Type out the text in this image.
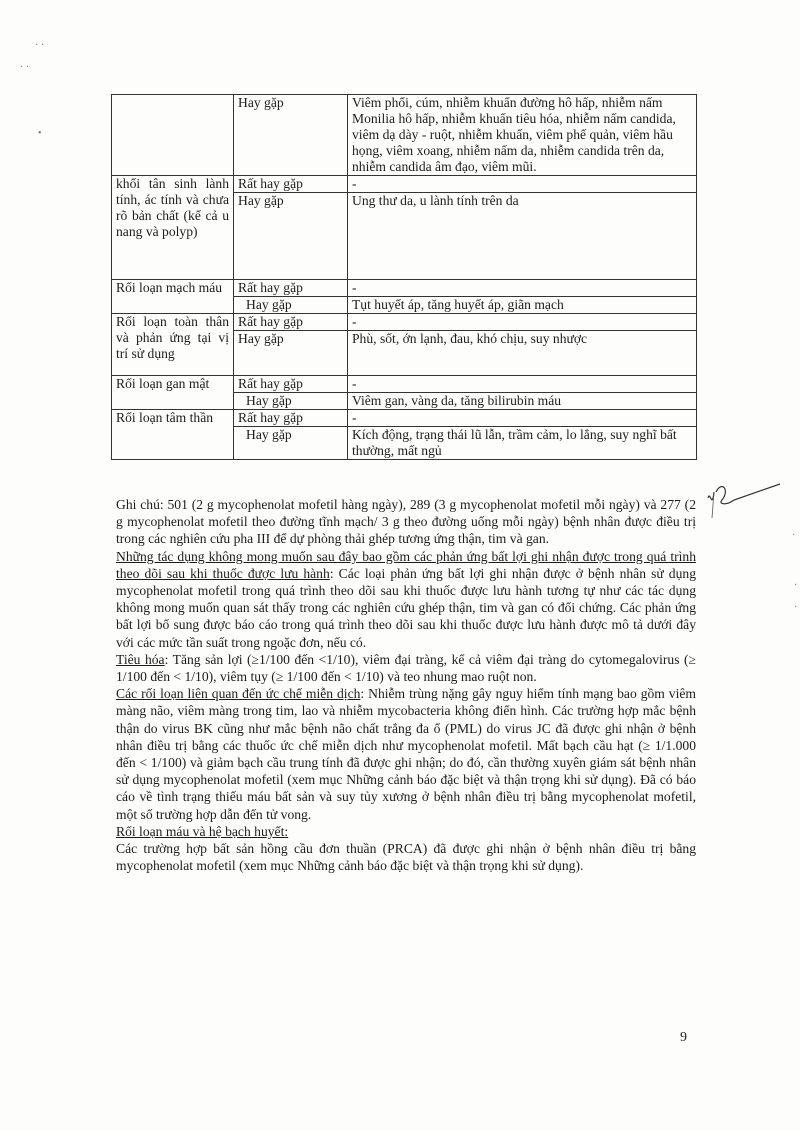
· ·
· ·
•
·
·
·
	Hay gặp	Viêm phổi, cúm, nhiễm khuẩn đường hô hấp, nhiễm nấm Monilia hô hấp, nhiễm khuẩn tiêu hóa, nhiễm nấm candida, viêm dạ dày - ruột, nhiễm khuẩn, viêm phế quản, viêm hầu họng, viêm xoang, nhiễm nấm da, nhiễm candida trên da, nhiễm candida âm đạo, viêm mũi.
khối tân sinh lành tính, ác tính và chưa rõ bản chất (kể cả u nang và polyp)	Rất hay gặp	-
	Hay gặp	Ung thư da, u lành tính trên da
Rối loạn mạch máu	Rất hay gặp	-
	Hay gặp	Tụt huyết áp, tăng huyết áp, giãn mạch
Rối loạn toàn thân và phản ứng tại vị trí sử dụng	Rất hay gặp	-
	Hay gặp	Phù, sốt, ớn lạnh, đau, khó chịu, suy nhược
Rối loạn gan mật	Rất hay gặp	-
	Hay gặp	Viêm gan, vàng da, tăng bilirubin máu
Rối loạn tâm thần	Rất hay gặp	-
	Hay gặp	Kích động, trạng thái lũ lẫn, trầm cảm, lo lắng, suy nghĩ bất thường, mất ngủ

Ghi chú: 501 (2 g mycophenolat mofetil hàng ngày), 289 (3 g mycophenolat mofetil mỗi ngày) và 277 (2 g mycophenolat mofetil theo đường tĩnh mạch/ 3 g theo đường uống mỗi ngày) bệnh nhân được điều trị trong các nghiên cứu pha III để dự phòng thải ghép tương ứng thận, tim và gan.

Những tác dụng không mong muốn sau đây bao gồm các phản ứng bất lợi ghi nhận được trong quá trình theo dõi sau khi thuốc được lưu hành: Các loại phản ứng bất lợi ghi nhận được ở bệnh nhân sử dụng mycophenolat mofetil trong quá trình theo dõi sau khi thuốc được lưu hành tương tự như các tác dụng không mong muốn quan sát thấy trong các nghiên cứu ghép thận, tim và gan có đối chứng. Các phản ứng bất lợi bổ sung được báo cáo trong quá trình theo dõi sau khi thuốc được lưu hành được mô tả dưới đây với các mức tần suất trong ngoặc đơn, nếu có.

Tiêu hóa: Tăng sản lợi (≥1/100 đến <1/10), viêm đại tràng, kể cả viêm đại tràng do cytomegalovirus (≥ 1/100 đến < 1/10), viêm tụy (≥ 1/100 đến < 1/10) và teo nhung mao ruột non.

Các rối loạn liên quan đến ức chế miễn dịch: Nhiễm trùng nặng gây nguy hiểm tính mạng bao gồm viêm màng não, viêm màng trong tim, lao và nhiễm mycobacteria không điển hình. Các trường hợp mắc bệnh thận do virus BK cũng như mắc bệnh não chất trắng đa ổ (PML) do virus JC đã được ghi nhận ở bệnh nhân điều trị bằng các thuốc ức chế miễn dịch như mycophenolat mofetil. Mất bạch cầu hạt (≥ 1/1.000 đến < 1/100) và giảm bạch cầu trung tính đã được ghi nhận; do đó, cần thường xuyên giám sát bệnh nhân sử dụng mycophenolat mofetil (xem mục Những cảnh báo đặc biệt và thận trọng khi sử dụng). Đã có báo cáo về tình trạng thiếu máu bất sản và suy tủy xương ở bệnh nhân điều trị bằng mycophenolat mofetil, một số trường hợp dẫn đến tử vong.

Rối loạn máu và hệ bạch huyết:

Các trường hợp bất sản hồng cầu đơn thuần (PRCA) đã được ghi nhận ở bệnh nhân điều trị bằng mycophenolat mofetil (xem mục Những cảnh báo đặc biệt và thận trọng khi sử dụng).

9
